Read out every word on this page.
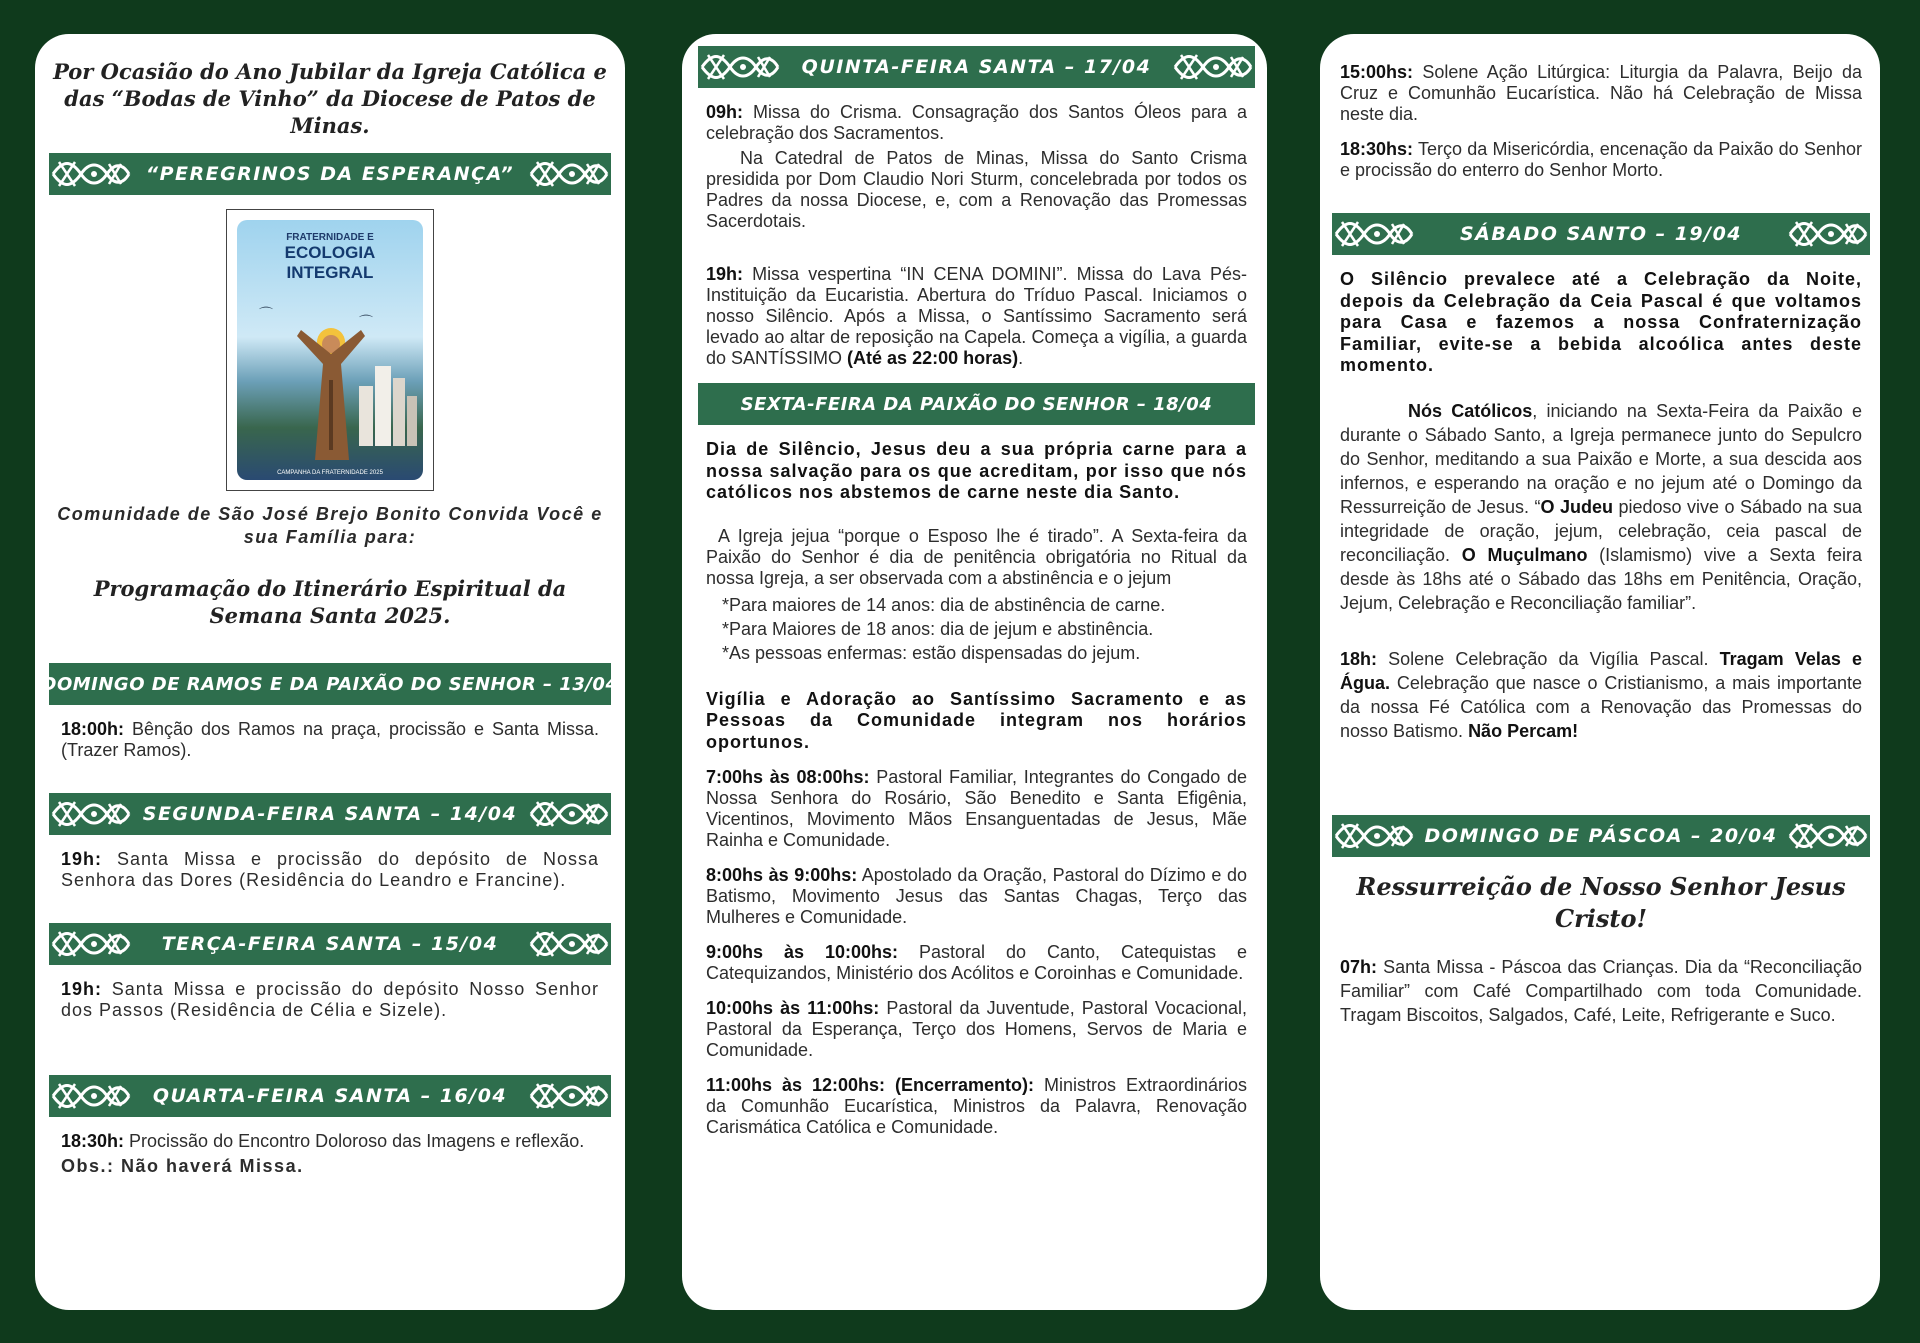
Por Ocasião do Ano Jubilar da Igreja Católica e das “Bodas de Vinho” da Diocese de Patos de Minas.
“PEREGRINOS DA ESPERANÇA”
FRATERNIDADE E
ECOLOGIA
INTEGRAL
⌒	⌒
CAMPANHA DA FRATERNIDADE 2025
Comunidade de São José Brejo Bonito Convida Você e sua Família para:
Programação do Itinerário Espiritual da Semana Santa 2025.
DOMINGO DE RAMOS E DA PAIXÃO DO SENHOR – 13/04
18:00h: Bênção dos Ramos na praça, procissão e Santa Missa. (Trazer Ramos).
SEGUNDA-FEIRA SANTA – 14/04
19h: Santa Missa e procissão do depósito de Nossa Senhora das Dores (Residência do Leandro e Francine).
TERÇA-FEIRA SANTA – 15/04
19h: Santa Missa e procissão do depósito Nosso Senhor dos Passos (Residência de Célia e Sizele).
QUARTA-FEIRA SANTA – 16/04
18:30h: Procissão do Encontro Doloroso das Imagens e reflexão.
Obs.: Não haverá Missa.
QUINTA-FEIRA SANTA – 17/04
09h: Missa do Crisma. Consagração dos Santos Óleos para a celebração dos Sacramentos.
Na Catedral de Patos de Minas, Missa do Santo Crisma presidida por Dom Claudio Nori Sturm, concelebrada por todos os Padres da nossa Diocese, e, com a Renovação das Promessas Sacerdotais.
19h: Missa vespertina “IN CENA DOMINI”. Missa do Lava Pés- Instituição da Eucaristia. Abertura do Tríduo Pascal. Iniciamos o nosso Silêncio. Após a Missa, o Santíssimo Sacramento será levado ao altar de reposição na Capela. Começa a vigília, a guarda do SANTÍSSIMO (Até as 22:00 horas).
SEXTA-FEIRA DA PAIXÃO DO SENHOR – 18/04
Dia de Silêncio, Jesus deu a sua própria carne para a nossa salvação para os que acreditam, por isso que nós católicos nos abstemos de carne neste dia Santo.
A Igreja jejua “porque o Esposo lhe é tirado”. A Sexta-feira da Paixão do Senhor é dia de penitência obrigatória no Ritual da nossa Igreja, a ser observada com a abstinência e o jejum
*Para maiores de 14 anos: dia de abstinência de carne.
*Para Maiores de 18 anos: dia de jejum e abstinência.
*As pessoas enfermas: estão dispensadas do jejum.
Vigília e Adoração ao Santíssimo Sacramento e as Pessoas da Comunidade integram nos horários oportunos.
7:00hs às 08:00hs: Pastoral Familiar, Integrantes do Congado de Nossa Senhora do Rosário, São Benedito e Santa Efigênia, Vicentinos, Movimento Mãos Ensanguentadas de Jesus, Mãe Rainha e Comunidade.
8:00hs às 9:00hs: Apostolado da Oração, Pastoral do Dízimo e do Batismo, Movimento Jesus das Santas Chagas, Terço das Mulheres e Comunidade.
9:00hs às 10:00hs: Pastoral do Canto, Catequistas e Catequizandos, Ministério dos Acólitos e Coroinhas e Comunidade.
10:00hs às 11:00hs: Pastoral da Juventude, Pastoral Vocacional, Pastoral da Esperança, Terço dos Homens, Servos de Maria e Comunidade.
11:00hs às 12:00hs: (Encerramento): Ministros Extraordinários da Comunhão Eucarística, Ministros da Palavra, Renovação Carismática Católica e Comunidade.
15:00hs: Solene Ação Litúrgica: Liturgia da Palavra, Beijo da Cruz e Comunhão Eucarística. Não há Celebração de Missa neste dia.
18:30hs: Terço da Misericórdia, encenação da Paixão do Senhor e procissão do enterro do Senhor Morto.
SÁBADO SANTO – 19/04
O Silêncio prevalece até a Celebração da Noite, depois da Celebração da Ceia Pascal é que voltamos para Casa e fazemos a nossa Confraternização Familiar, evite-se a bebida alcoólica antes deste momento.
Nós Católicos, iniciando na Sexta-Feira da Paixão e durante o Sábado Santo, a Igreja permanece junto do Sepulcro do Senhor, meditando a sua Paixão e Morte, a sua descida aos infernos, e esperando na oração e no jejum até o Domingo da Ressurreição de Jesus. “O Judeu piedoso vive o Sábado na sua integridade de oração, jejum, celebração, ceia pascal de reconciliação. O Muçulmano (Islamismo) vive a Sexta feira desde às 18hs até o Sábado das 18hs em Penitência, Oração, Jejum, Celebração e Reconciliação familiar”.
18h: Solene Celebração da Vigília Pascal. Tragam Velas e Água. Celebração que nasce o Cristianismo, a mais importante da nossa Fé Católica com a Renovação das Promessas do nosso Batismo. Não Percam!
DOMINGO DE PÁSCOA – 20/04
Ressurreição de Nosso Senhor Jesus Cristo!
07h: Santa Missa - Páscoa das Crianças. Dia da “Reconciliação Familiar” com Café Compartilhado com toda Comunidade. Tragam Biscoitos, Salgados, Café, Leite, Refrigerante e Suco.
